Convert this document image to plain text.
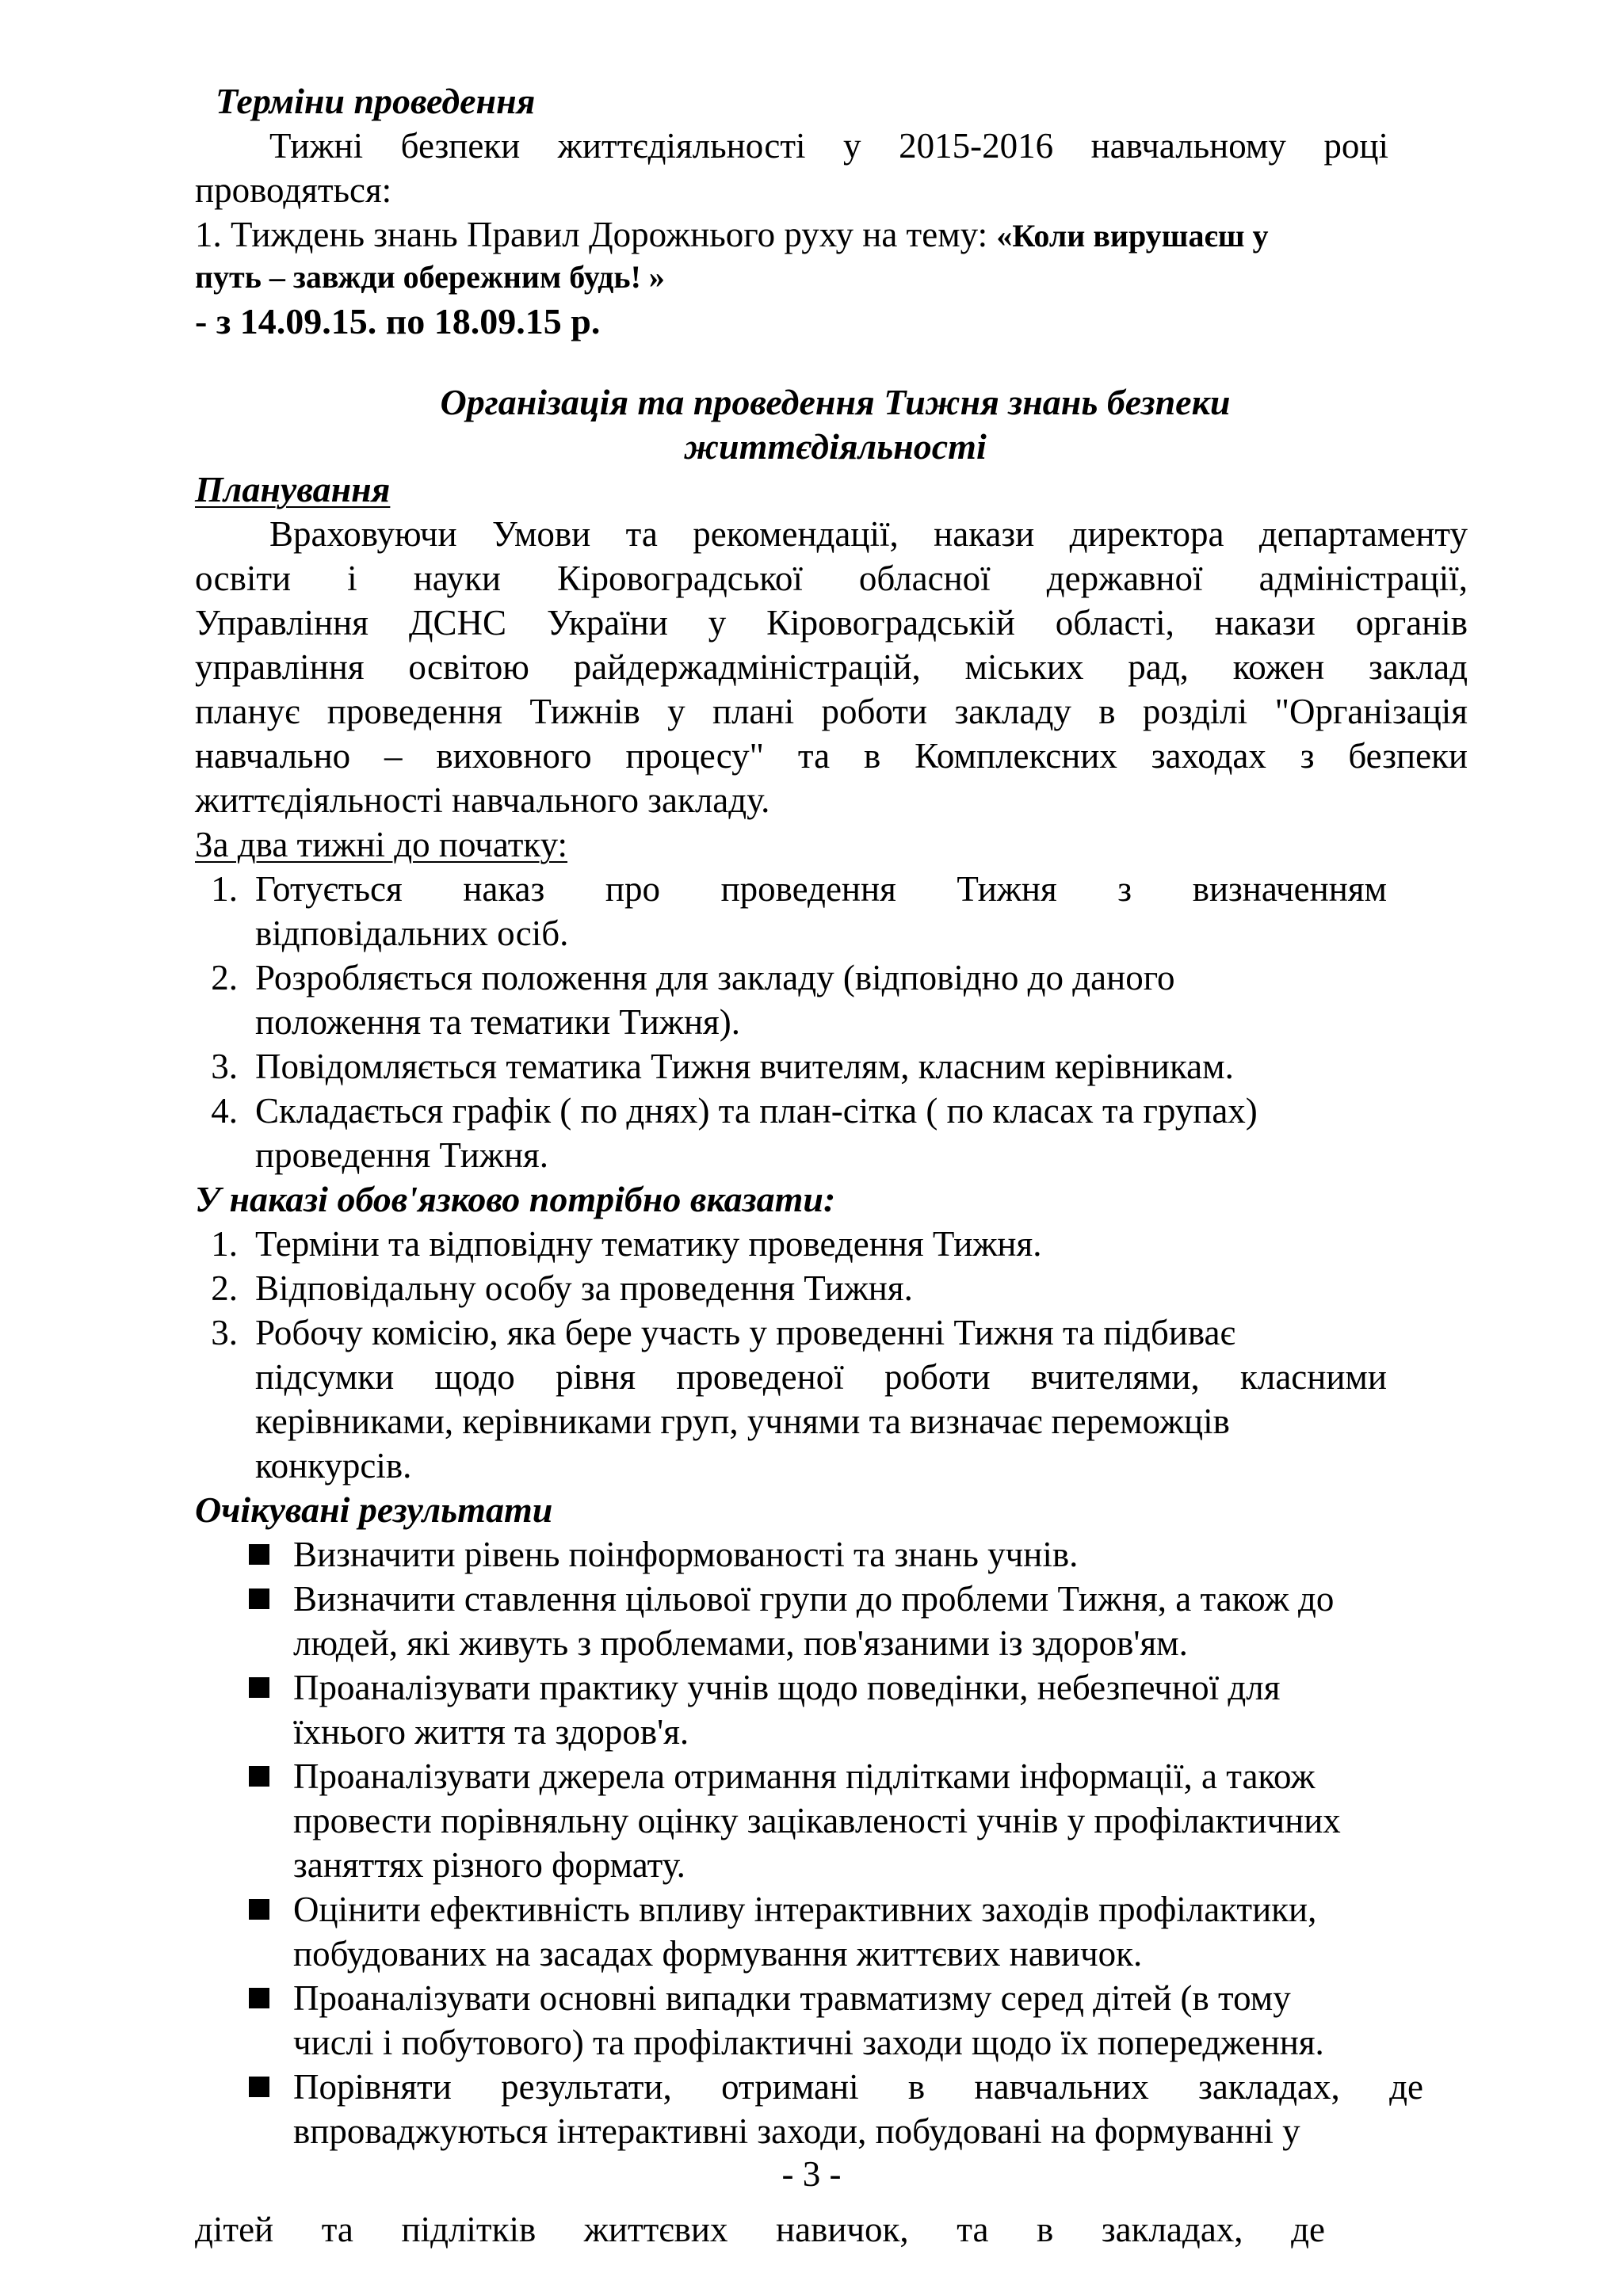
Терміни проведення
Тижні безпеки життєдіяльності у 2015-2016 навчальному році
проводяться:
1. Тиждень знань Правил Дорожнього руху на тему: «Коли вирушаєш у
путь – завжди обережним будь! »
- з 14.09.15. по 18.09.15 р.
Організація та проведення Тижня знань безпеки
життєдіяльності
Планування
Враховуючи Умови та рекомендації, накази директора департаменту
освіти і науки Кіровоградської обласної державної адміністрації,
Управління ДСНС України у Кіровоградській області, накази органів
управління освітою райдержадміністрацій, міських рад, кожен заклад
планує проведення Тижнів у плані роботи закладу в розділі "Організація
навчально – виховного процесу" та в Комплексних заходах з безпеки
життєдіяльності навчального закладу.
За два тижні до початку:
1. Готується наказ про проведення Тижня з визначенням
відповідальних осіб.
2. Розробляється положення для закладу (відповідно до даного
положення та тематики Тижня).
3. Повідомляється тематика Тижня вчителям, класним керівникам.
4. Складається графік ( по днях) та план-сітка ( по класах та групах)
проведення Тижня.
У наказі обов'язково потрібно вказати:
1. Терміни та відповідну тематику проведення Тижня.
2. Відповідальну особу за проведення Тижня.
3. Робочу комісію, яка бере участь у проведенні Тижня та підбиває
підсумки щодо рівня проведеної роботи вчителями, класними
керівниками, керівниками груп, учнями та визначає переможців
конкурсів.
Очікувані результати
Визначити рівень поінформованості та знань учнів.
Визначити ставлення цільової групи до проблеми Тижня, а також до
людей, які живуть з проблемами, пов'язаними із здоров'ям.
Проаналізувати практику учнів щодо поведінки, небезпечної для
їхнього життя та здоров'я.
Проаналізувати джерела отримання підлітками інформації, а також
провести порівняльну оцінку зацікавленості учнів у профілактичних
заняттях різного формату.
Оцінити ефективність впливу інтерактивних заходів профілактики,
побудованих на засадах формування життєвих навичок.
Проаналізувати основні випадки травматизму серед дітей (в тому
числі і побутового) та профілактичні заходи щодо їх попередження.
Порівняти результати, отримані в навчальних закладах, де
впроваджуються інтерактивні заходи, побудовані на формуванні у
- 3 -
дітей та підлітків життєвих навичок, та в закладах, де
